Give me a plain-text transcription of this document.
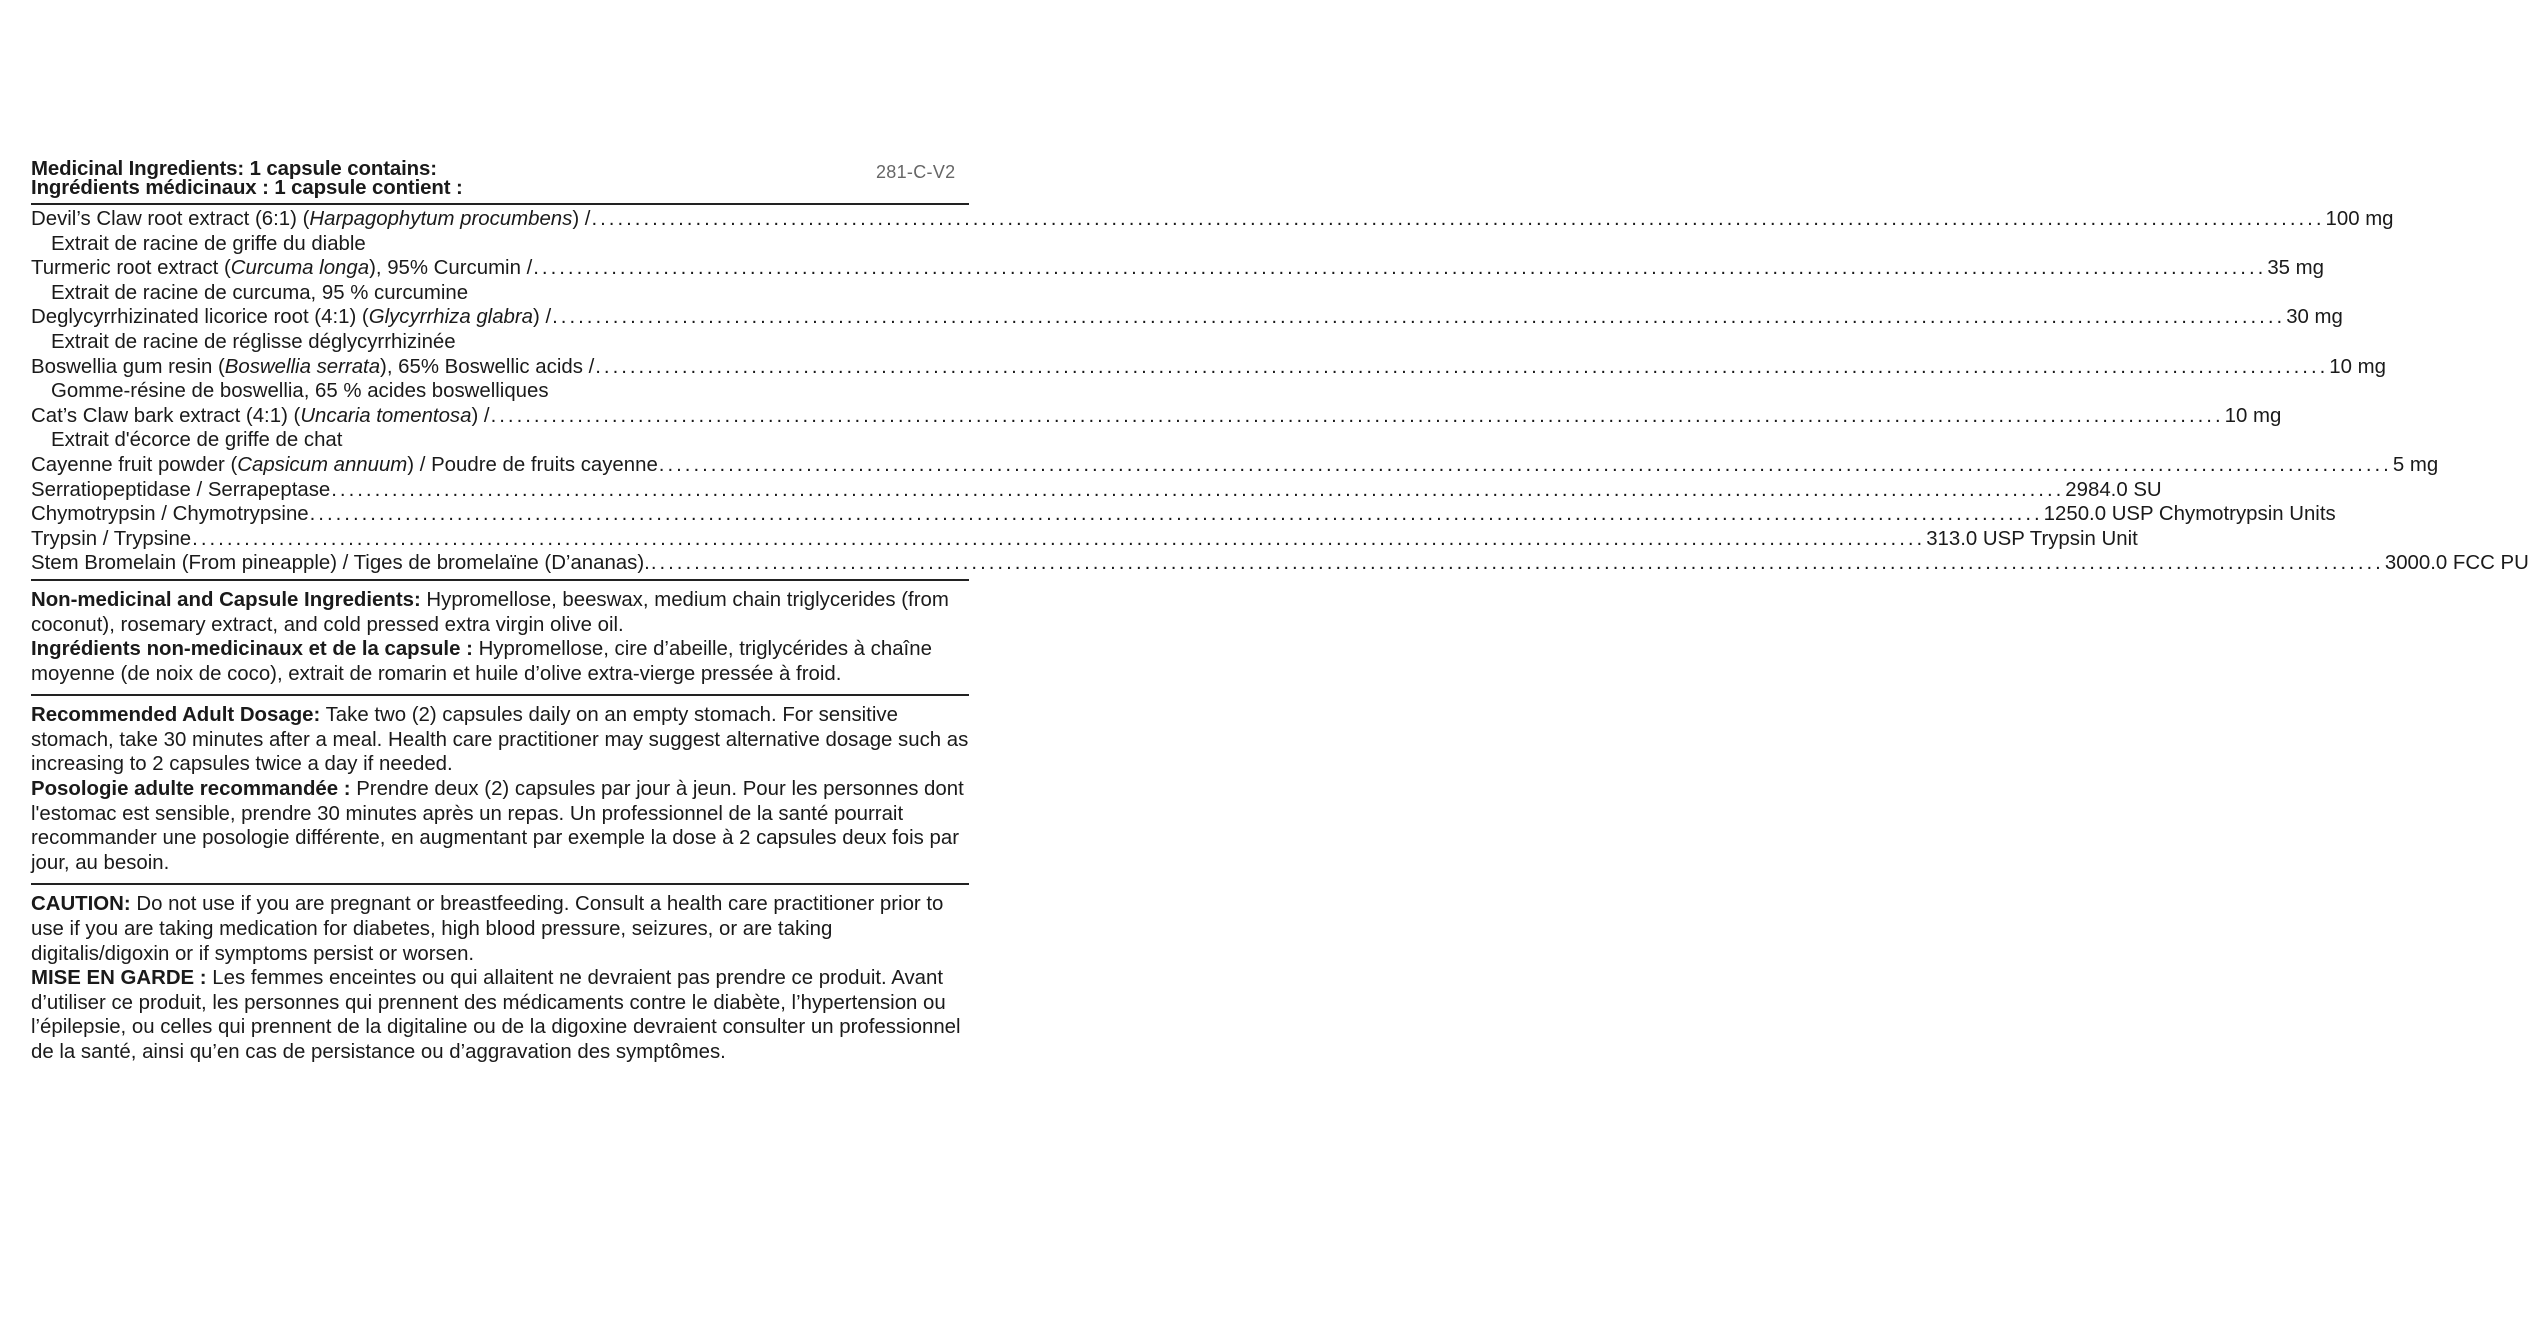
281-C-V2
Medicinal Ingredients: 1 capsule contains:
Ingrédients médicinaux : 1 capsule contient :
Devil’s Claw root extract (6:1) (Harpagophytum procumbens) / ........................................................................................................................................................................................................ 100 mg
Extrait de racine de griffe du diable
Turmeric root extract (Curcuma longa), 95% Curcumin / ........................................................................................................................................................................................................ 35 mg
Extrait de racine de curcuma, 95 % curcumine
Deglycyrrhizinated licorice root (4:1) (Glycyrrhiza glabra) / ........................................................................................................................................................................................................ 30 mg
Extrait de racine de réglisse déglycyrrhizinée
Boswellia gum resin (Boswellia serrata), 65% Boswellic acids / ........................................................................................................................................................................................................ 10 mg
Gomme-résine de boswellia, 65 % acides boswelliques
Cat’s Claw bark extract (4:1) (Uncaria tomentosa) / ........................................................................................................................................................................................................ 10 mg
Extrait d'écorce de griffe de chat
Cayenne fruit powder (Capsicum annuum) / Poudre de fruits cayenne ........................................................................................................................................................................................................ 5 mg
Serratiopeptidase / Serrapeptase ........................................................................................................................................................................................................ 2984.0 SU
Chymotrypsin / Chymotrypsine ........................................................................................................................................................................................................ 1250.0 USP Chymotrypsin Units
Trypsin / Trypsine ........................................................................................................................................................................................................ 313.0 USP Trypsin Unit
Stem Bromelain (From pineapple) / Tiges de bromelaïne (D’ananas). ........................................................................................................................................................................................................ 3000.0 FCC PU

Non-medicinal and Capsule Ingredients: Hypromellose, beeswax, medium chain triglycerides (from coconut), rosemary extract, and cold pressed extra virgin olive oil.

Ingrédients non-medicinaux et de la capsule : Hypromellose, cire d’abeille, triglycérides à chaîne moyenne (de noix de coco), extrait de romarin et huile d’olive extra-vierge pressée à froid.

Recommended Adult Dosage: Take two (2) capsules daily on an empty stomach. For sensitive stomach, take 30 minutes after a meal. Health care practitioner may suggest alternative dosage such as increasing to 2 capsules twice a day if needed.

Posologie adulte recommandée : Prendre deux (2) capsules par jour à jeun. Pour les personnes dont l'estomac est sensible, prendre 30 minutes après un repas. Un professionnel de la santé pourrait recommander une posologie différente, en augmentant par exemple la dose à 2 capsules deux fois par jour, au besoin.

CAUTION: Do not use if you are pregnant or breastfeeding. Consult a health care practitioner prior to use if you are taking medication for diabetes, high blood pressure, seizures, or are taking digitalis/digoxin or if symptoms persist or worsen.

MISE EN GARDE : Les femmes enceintes ou qui allaitent ne devraient pas prendre ce produit. Avant d’utiliser ce produit, les personnes qui prennent des médicaments contre le diabète, l’hypertension ou l’épilepsie, ou celles qui prennent de la digitaline ou de la digoxine devraient consulter un professionnel de la santé, ainsi qu’en cas de persistance ou d’aggravation des symptômes.
